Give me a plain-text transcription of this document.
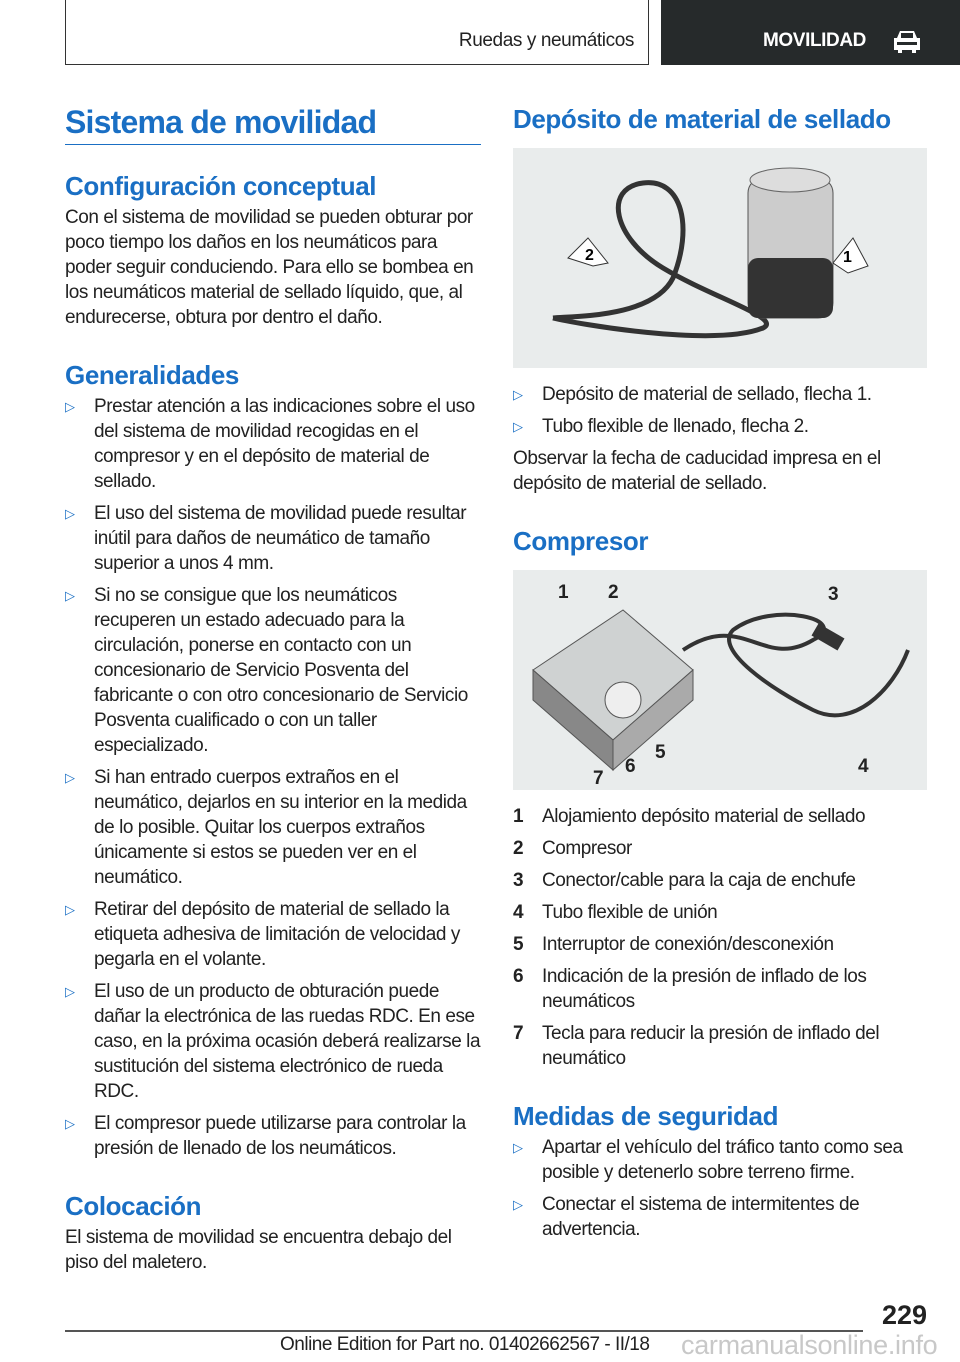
Ruedas y neumáticos	MOVILIDAD
Sistema de movilidad
Configuración conceptual

Con el sistema de movilidad se pueden obturar por poco tiempo los daños en los neumáticos para poder seguir conduciendo. Para ello se bombea en los neumáticos material de sellado líquido, que, al endurecerse, obtura por dentro el daño.

Generalidades
▷ Prestar atención a las indicaciones sobre el uso del sistema de movilidad recogidas en el compresor y en el depósito de material de sellado.
▷ El uso del sistema de movilidad puede resultar inútil para daños de neumático de tamaño superior a unos 4 mm.
▷ Si no se consigue que los neumáticos recuperen un estado adecuado para la circulación, ponerse en contacto con un concesionario de Servicio Posventa del fabricante o con otro concesionario de Servicio Posventa cualificado o con un taller especializado.
▷ Si han entrado cuerpos extraños en el neumático, dejarlos en su interior en la medida de lo posible. Quitar los cuerpos extraños únicamente si estos se pueden ver en el neumático.
▷ Retirar del depósito de material de sellado la etiqueta adhesiva de limitación de velocidad y pegarla en el volante.
▷ El uso de un producto de obturación puede dañar la electrónica de las ruedas RDC. En ese caso, en la próxima ocasión deberá realizarse la sustitución del sistema electrónico de rueda RDC.
▷ El compresor puede utilizarse para controlar la presión de llenado de los neumáticos.
Colocación

El sistema de movilidad se encuentra debajo del piso del maletero.

Depósito de material de sellado
2	1
▷ Depósito de material de sellado, flecha 1.
▷ Tubo flexible de llenado, flecha 2.

Observar la fecha de caducidad impresa en el depósito de material de sellado.

Compresor
1 2	3
4
5
6
7
1 Alojamiento depósito material de sellado
2 Compresor
3 Conector/cable para la caja de enchufe
4 Tubo flexible de unión
5 Interruptor de conexión/desconexión
6 Indicación de la presión de inflado de los neumáticos
7 Tecla para reducir la presión de inflado del neumático
Medidas de seguridad
▷ Apartar el vehículo del tráfico tanto como sea posible y detenerlo sobre terreno firme.
▷ Conectar el sistema de intermitentes de advertencia.
229
Online Edition for Part no. 01402662567 - II/18 carmanualsonline.info
